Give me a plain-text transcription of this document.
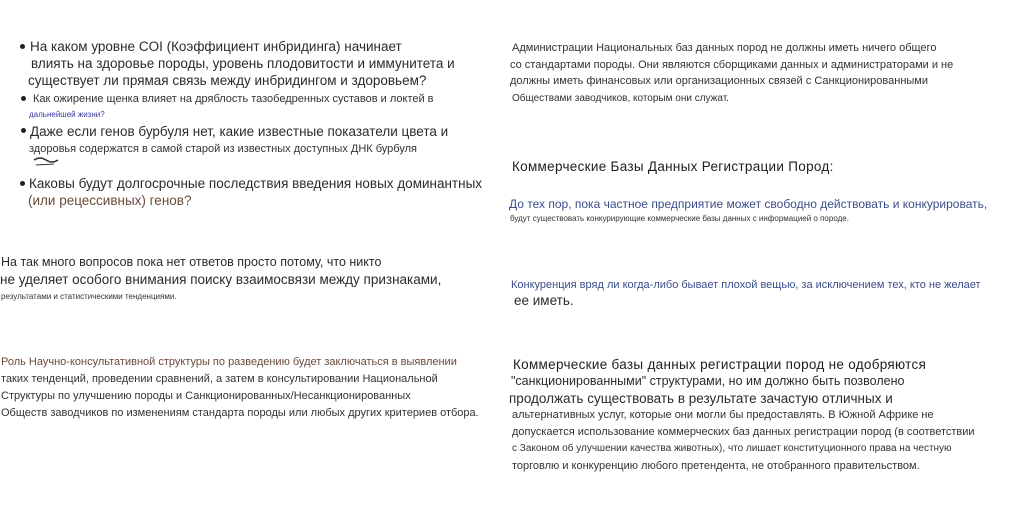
На каком уровне COI (Коэффициент инбридинга) начинает
влиять на здоровье породы, уровень плодовитости и иммунитета и
существует ли прямая связь между инбридингом и здоровьем?
Как ожирение щенка влияет на дряблость тазобедренных суставов и локтей в
дальнейшей жизни?
Даже если генов бурбуля нет, какие известные показатели цвета и
здоровья содержатся в самой старой из известных доступных ДНК бурбуля
Каковы будут долгосрочные последствия введения новых доминантных
(или рецессивных) генов?
На так много вопросов пока нет ответов просто потому, что никто
не уделяет особого внимания поиску взаимосвязи между признаками,
результатами и статистическими тенденциями.
Роль Научно-консультативной структуры по разведению будет заключаться в выявлении
таких тенденций, проведении сравнений, а затем в консультировании Национальной
Структуры по улучшению породы и Санкционированных/Несанкционированных
Обществ заводчиков по изменениям стандарта породы или любых других критериев отбора.
Администрации Национальных баз данных пород не должны иметь ничего общего
со стандартами породы. Они являются сборщиками данных и администраторами и не
должны иметь финансовых или организационных связей с Санкционированными
Обществами заводчиков, которым они служат.
Коммерческие Базы Данных Регистрации Пород:
До тех пор, пока частное предприятие может свободно действовать и конкурировать,
будут существовать конкурирующие коммерческие базы данных с информацией о породе.
Конкуренция вряд ли когда-либо бывает плохой вещью, за исключением тех, кто не желает
ее иметь.
Коммерческие базы данных регистрации пород не одобряются
"санкционированными" структурами, но им должно быть позволено
продолжать существовать в результате зачастую отличных и
альтернативных услуг, которые они могли бы предоставлять. В Южной Африке не
допускается использование коммерческих баз данных регистрации пород (в соответствии
с Законом об улучшении качества животных), что лишает конституционного права на честную
торговлю и конкуренцию любого претендента, не отобранного правительством.
